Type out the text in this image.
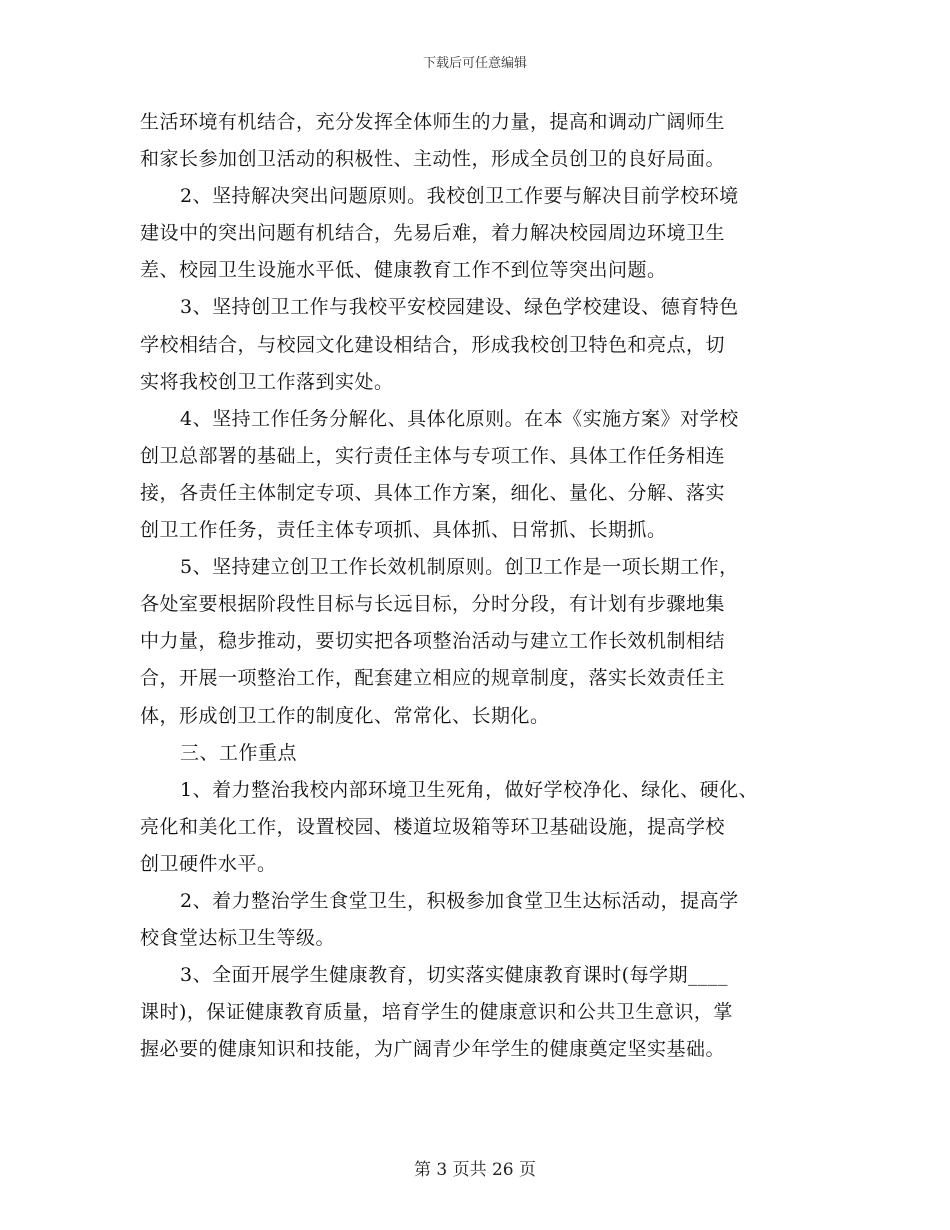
下载后可任意编辑
生活环境有机结合，充分发挥全体师生的力量，提高和调动广阔师生
和家长参加创卫活动的积极性、主动性，形成全员创卫的良好局面。
2、坚持解决突出问题原则。我校创卫工作要与解决目前学校环境
建设中的突出问题有机结合，先易后难，着力解决校园周边环境卫生
差、校园卫生设施水平低、健康教育工作不到位等突出问题。
3、坚持创卫工作与我校平安校园建设、绿色学校建设、德育特色
学校相结合，与校园文化建设相结合，形成我校创卫特色和亮点，切
实将我校创卫工作落到实处。
4、坚持工作任务分解化、具体化原则。在本《实施方案》对学校
创卫总部署的基础上，实行责任主体与专项工作、具体工作任务相连
接，各责任主体制定专项、具体工作方案，细化、量化、分解、落实
创卫工作任务，责任主体专项抓、具体抓、日常抓、长期抓。
5、坚持建立创卫工作长效机制原则。创卫工作是一项长期工作，
各处室要根据阶段性目标与长远目标，分时分段，有计划有步骤地集
中力量，稳步推动，要切实把各项整治活动与建立工作长效机制相结
合，开展一项整治工作，配套建立相应的规章制度，落实长效责任主
体，形成创卫工作的制度化、常常化、长期化。
三、工作重点
1、着力整治我校内部环境卫生死角，做好学校净化、绿化、硬化、
亮化和美化工作，设置校园、楼道垃圾箱等环卫基础设施，提高学校
创卫硬件水平。
2、着力整治学生食堂卫生，积极参加食堂卫生达标活动，提高学
校食堂达标卫生等级。
3、全面开展学生健康教育，切实落实健康教育课时(每学期____
课时)，保证健康教育质量，培育学生的健康意识和公共卫生意识，掌
握必要的健康知识和技能，为广阔青少年学生的健康奠定坚实基础。
第 3 页共 26 页
